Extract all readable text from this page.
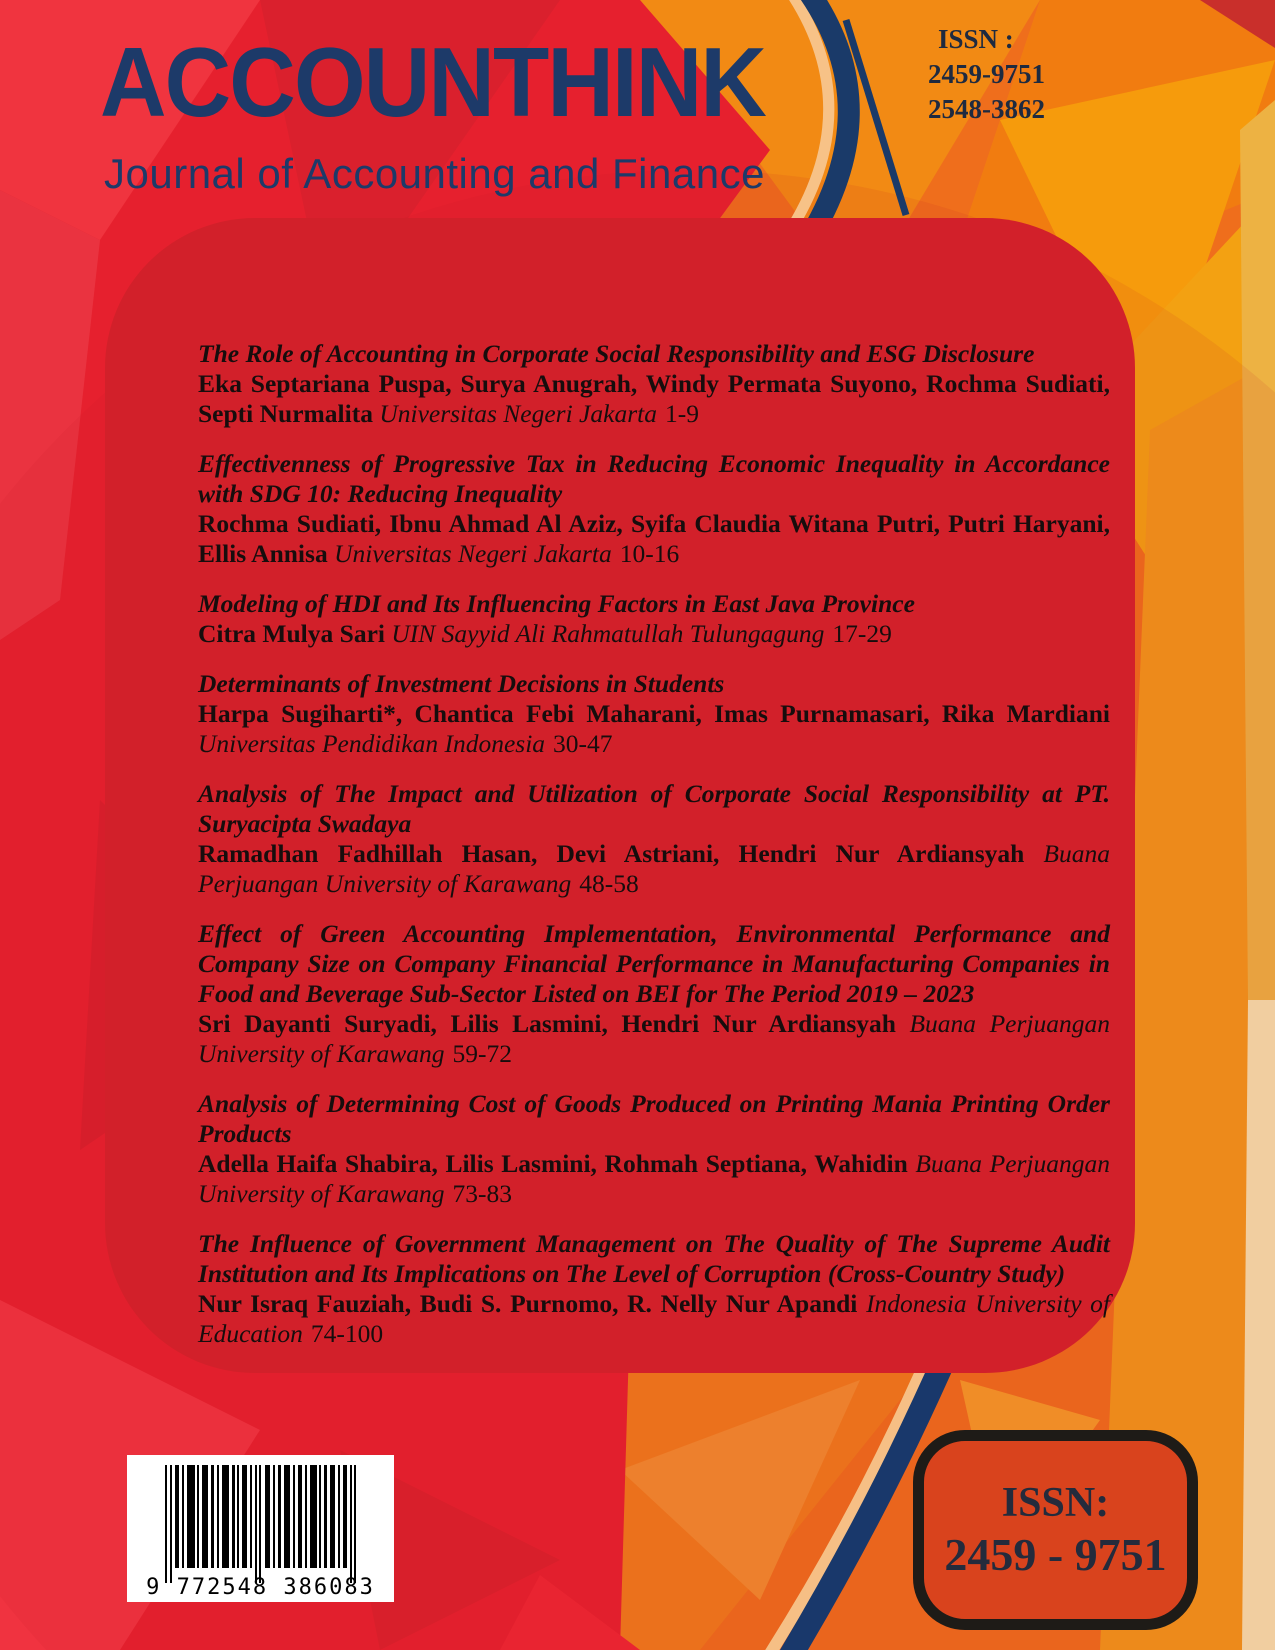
The Role of Accounting in Corporate Social Responsibility and ESG Disclosure
Eka Septariana Puspa, Surya Anugrah, Windy Permata Suyono, Rochma Sudiati, Septi Nurmalita Universitas Negeri Jakarta 1-9
Effectivenness of Progressive Tax in Reducing Economic Inequality in Accordance with SDG 10: Reducing Inequality
Rochma Sudiati, Ibnu Ahmad Al Aziz, Syifa Claudia Witana Putri, Putri Haryani, Ellis Annisa Universitas Negeri Jakarta 10-16
Modeling of HDI and Its Influencing Factors in East Java Province
Citra Mulya Sari UIN Sayyid Ali Rahmatullah Tulungagung 17-29
Determinants of Investment Decisions in Students
Harpa Sugiharti*, Chantica Febi Maharani, Imas Purnamasari, Rika Mardiani Universitas Pendidikan Indonesia 30-47
Analysis of The Impact and Utilization of Corporate Social Responsibility at PT. Suryacipta Swadaya
Ramadhan Fadhillah Hasan, Devi Astriani, Hendri Nur Ardiansyah Buana Perjuangan University of Karawang 48-58
Effect of Green Accounting Implementation, Environmental Performance and Company Size on Company Financial Performance in Manufacturing Companies in Food and Beverage Sub-Sector Listed on BEI for The Period 2019 – 2023
Sri Dayanti Suryadi, Lilis Lasmini, Hendri Nur Ardiansyah Buana Perjuangan University of Karawang 59-72
Analysis of Determining Cost of Goods Produced on Printing Mania Printing Order Products
Adella Haifa Shabira, Lilis Lasmini, Rohmah Septiana, Wahidin Buana Perjuangan University of Karawang 73-83
The Influence of Government Management on The Quality of The Supreme Audit Institution and Its Implications on The Level of Corruption (Cross-Country Study)
Nur Israq Fauziah, Budi S. Purnomo, R. Nelly Nur Apandi Indonesia University of Education 74-100
ACCOUNTHINK
Journal of Accounting and Finance
ISSN :
2459-9751
2548-3862
9 772548 386083
ISSN:
2459 - 9751
